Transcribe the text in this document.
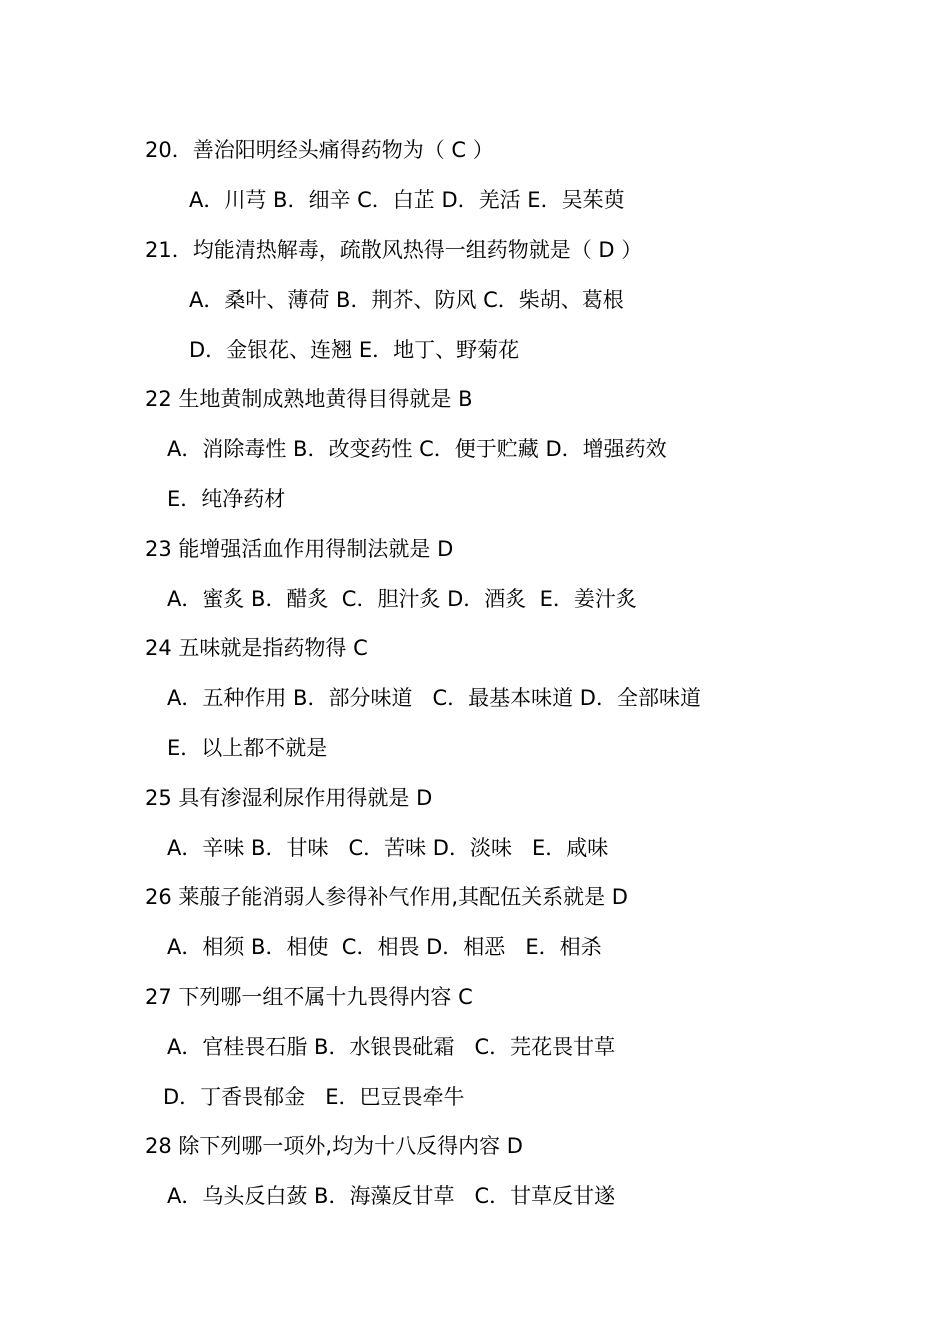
20．善治阳明经头痛得药物为（ C ）

A．川芎 B．细辛 C．白芷 D．羌活 E．吴茱萸

21．均能清热解毒，疏散风热得一组药物就是（ D ）

A．桑叶、薄荷 B．荆芥、防风 C．柴胡、葛根

D．金银花、连翘 E．地丁、野菊花

22 生地黄制成熟地黄得目得就是 B

A．消除毒性 B．改变药性 C．便于贮藏 D．增强药效

E．纯净药材

23 能增强活血作用得制法就是 D

A．蜜炙 B．醋炙  C．胆汁炙 D．酒炙  E．姜汁炙

24 五味就是指药物得 C

A．五种作用 B．部分味道   C．最基本味道 D．全部味道

E．以上都不就是

25 具有渗湿利尿作用得就是 D

A．辛味 B．甘味   C．苦味 D．淡味   E．咸味

26 莱菔子能消弱人参得补气作用,其配伍关系就是 D

A．相须 B．相使  C．相畏 D．相恶   E．相杀

27 下列哪一组不属十九畏得内容 C

A．官桂畏石脂 B．水银畏砒霜   C．芫花畏甘草

D．丁香畏郁金   E．巴豆畏牵牛

28 除下列哪一项外,均为十八反得内容 D

A．乌头反白蔹 B．海藻反甘草   C．甘草反甘遂
